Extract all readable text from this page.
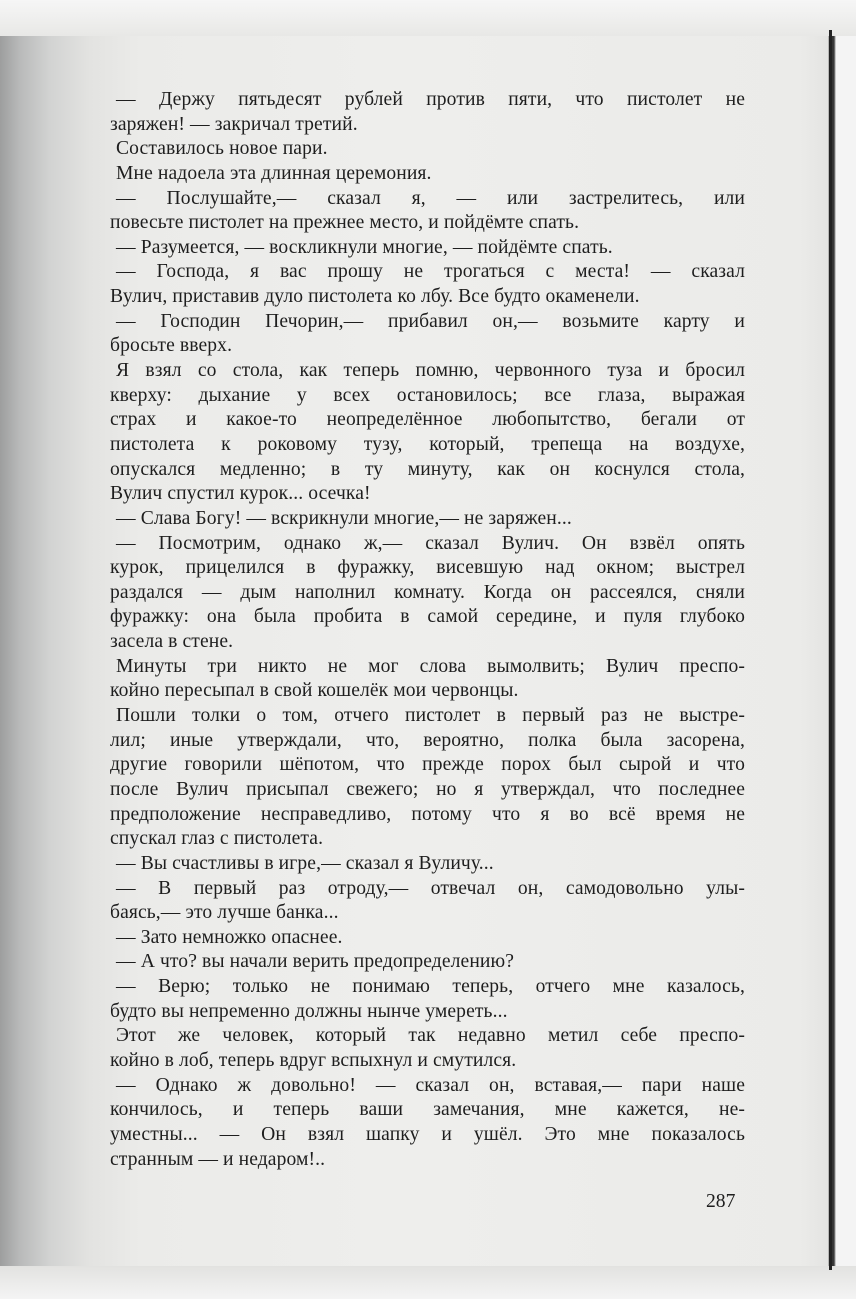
— Держу пятьдесят рублей против пяти, что пистолет не
заряжен! — закричал третий.
Составилось новое пари.
Мне надоела эта длинная церемония.
— Послушайте,— сказал я, — или застрелитесь, или
повесьте пистолет на прежнее место, и пойдёмте спать.
— Разумеется, — воскликнули многие, — пойдёмте спать.
— Господа, я вас прошу не трогаться с места! — сказал
Вулич, приставив дуло пистолета ко лбу. Все будто окаменели.
— Господин Печорин,— прибавил он,— возьмите карту и
бросьте вверх.
Я взял со стола, как теперь помню, червонного туза и бросил
кверху: дыхание у всех остановилось; все глаза, выражая
страх и какое-то неопределённое любопытство, бегали от
пистолета к роковому тузу, который, трепеща на воздухе,
опускался медленно; в ту минуту, как он коснулся стола,
Вулич спустил курок... осечка!
— Слава Богу! — вскрикнули многие,— не заряжен...
— Посмотрим, однако ж,— сказал Вулич. Он взвёл опять
курок, прицелился в фуражку, висевшую над окном; выстрел
раздался — дым наполнил комнату. Когда он рассеялся, сняли
фуражку: она была пробита в самой середине, и пуля глубоко
засела в стене.
Минуты три никто не мог слова вымолвить; Вулич преспо-
койно пересыпал в свой кошелёк мои червонцы.
Пошли толки о том, отчего пистолет в первый раз не выстре-
лил; иные утверждали, что, вероятно, полка была засорена,
другие говорили шёпотом, что прежде порох был сырой и что
после Вулич присыпал свежего; но я утверждал, что последнее
предположение несправедливо, потому что я во всё время не
спускал глаз с пистолета.
— Вы счастливы в игре,— сказал я Вуличу...
— В первый раз отроду,— отвечал он, самодовольно улы-
баясь,— это лучше банка...
— Зато немножко опаснее.
— А что? вы начали верить предопределению?
— Верю; только не понимаю теперь, отчего мне казалось,
будто вы непременно должны нынче умереть...
Этот же человек, который так недавно метил себе преспо-
койно в лоб, теперь вдруг вспыхнул и смутился.
— Однако ж довольно! — сказал он, вставая,— пари наше
кончилось, и теперь ваши замечания, мне кажется, не-
уместны... — Он взял шапку и ушёл. Это мне показалось
странным — и недаром!..
287
